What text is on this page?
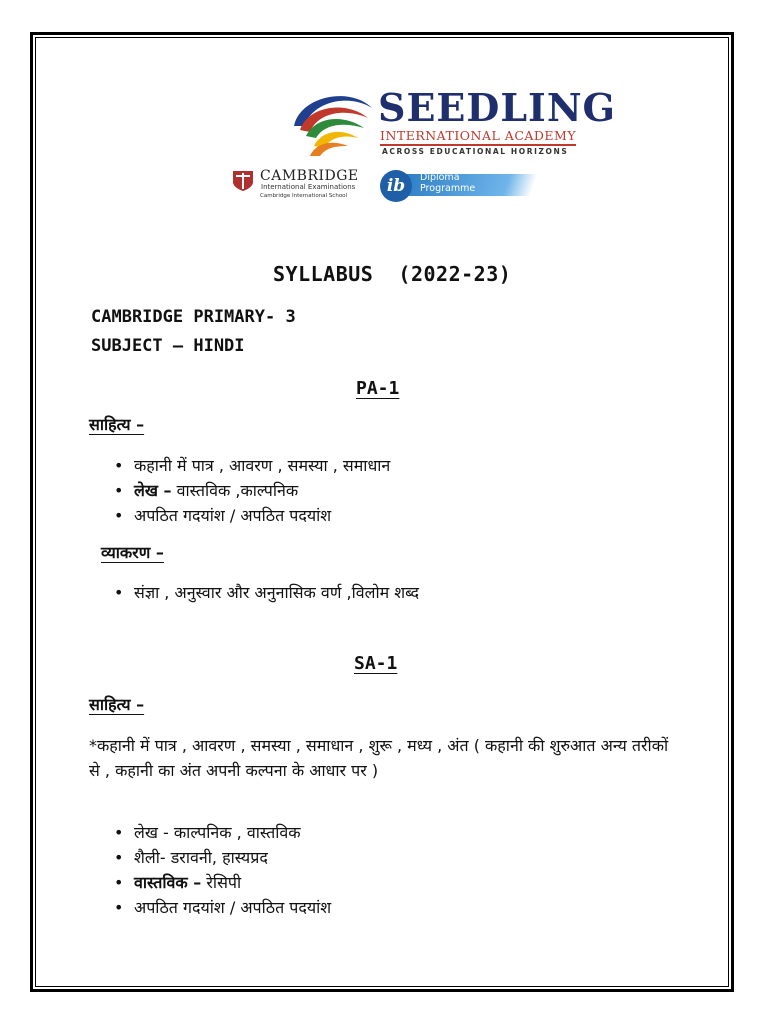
SEEDLING
INTERNATIONAL ACADEMY
ACROSS EDUCATIONAL HORIZONS
CAMBRIDGE
International Examinations
Cambridge International School	ib	Diploma
Programme
SYLLABUS  (2022-23)
CAMBRIDGE PRIMARY- 3
SUBJECT – HINDI
PA-1
साहित्य –
• कहानी में पात्र , आवरण , समस्या , समाधान
• लेख – वास्तविक ,काल्पनिक
• अपठित गदयांश / अपठित पदयांश
व्याकरण –
• संज्ञा , अनुस्वार और अनुनासिक वर्ण ,विलोम शब्द
SA-1
साहित्य –
*कहानी में पात्र , आवरण , समस्या , समाधान , शुरू , मध्य , अंत ( कहानी की शुरुआत अन्य तरीकों से , कहानी का अंत अपनी कल्पना के आधार पर )
• लेख - काल्पनिक , वास्तविक
• शैली- डरावनी, हास्यप्रद
• वास्तविक – रेसिपी
• अपठित गदयांश / अपठित पदयांश
